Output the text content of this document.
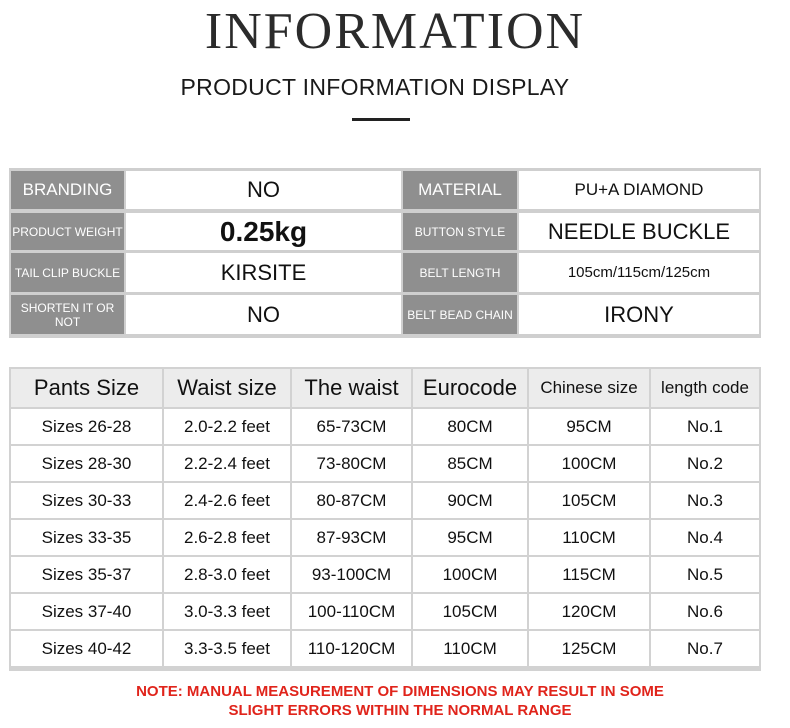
INFORMATION
PRODUCT INFORMATION DISPLAY
BRANDING	NO	MATERIAL	PU+A DIAMOND
PRODUCT WEIGHT	0.25kg	BUTTON STYLE	NEEDLE BUCKLE
TAIL CLIP BUCKLE	KIRSITE	BELT LENGTH	105cm/115cm/125cm
SHORTEN IT OR NOT	NO	BELT BEAD CHAIN	IRONY
Pants Size	Waist size	The waist	Eurocode	Chinese size	length code
Sizes 26-28	2.0-2.2 feet	65-73CM	80CM	95CM	No.1
Sizes 28-30	2.2-2.4 feet	73-80CM	85CM	100CM	No.2
Sizes 30-33	2.4-2.6 feet	80-87CM	90CM	105CM	No.3
Sizes 33-35	2.6-2.8 feet	87-93CM	95CM	110CM	No.4
Sizes 35-37	2.8-3.0 feet	93-100CM	100CM	115CM	No.5
Sizes 37-40	3.0-3.3 feet	100-110CM	105CM	120CM	No.6
Sizes 40-42	3.3-3.5 feet	110-120CM	110CM	125CM	No.7
NOTE: MANUAL MEASUREMENT OF DIMENSIONS MAY RESULT IN SOME
SLIGHT ERRORS WITHIN THE NORMAL RANGE
